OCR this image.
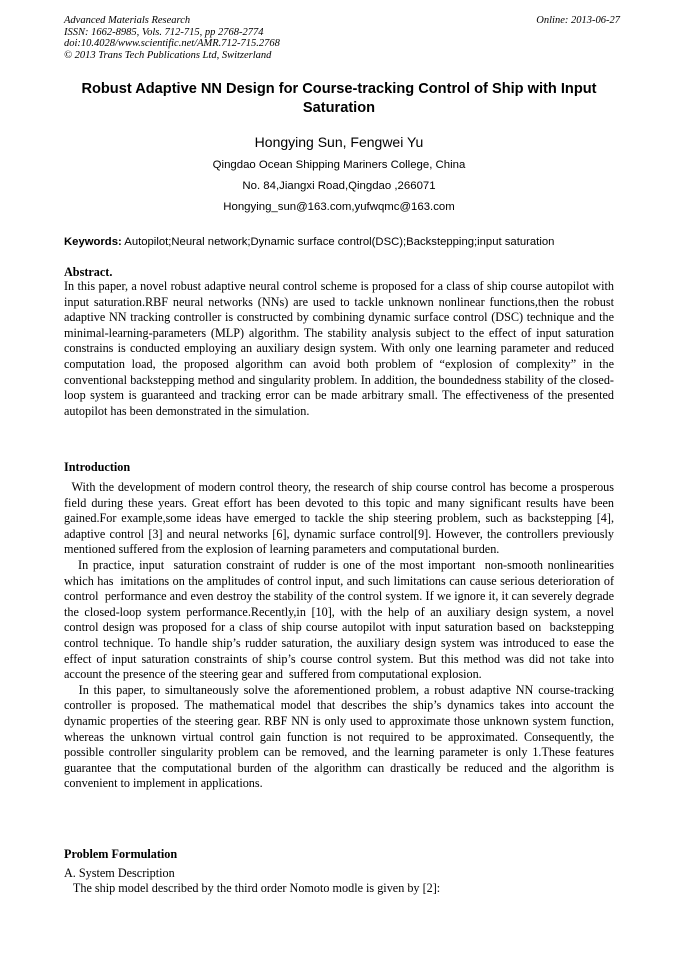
Advanced Materials Research
ISSN: 1662-8985, Vols. 712-715, pp 2768-2774
doi:10.4028/www.scientific.net/AMR.712-715.2768
© 2013 Trans Tech Publications Ltd, Switzerland
Online: 2013-06-27
Robust Adaptive NN Design for Course-tracking Control of Ship with Input Saturation
Hongying Sun, Fengwei Yu
Qingdao Ocean Shipping Mariners College, China
No. 84,Jiangxi Road,Qingdao ,266071
Hongying_sun@163.com,yufwqmc@163.com
Keywords: Autopilot;Neural network;Dynamic surface control(DSC);Backstepping;input saturation
Abstract.
In this paper, a novel robust adaptive neural control scheme is proposed for a class of ship course autopilot with input saturation.RBF neural networks (NNs) are used to tackle unknown nonlinear functions,then the robust adaptive NN tracking controller is constructed by combining dynamic surface control (DSC) technique and the minimal-learning-parameters (MLP) algorithm. The stability analysis subject to the effect of input saturation constrains is conducted employing an auxiliary design system. With only one learning parameter and reduced computation load, the proposed algorithm can avoid both problem of “explosion of complexity” in the conventional backstepping method and singularity problem. In addition, the boundedness stability of the closed-loop system is guaranteed and tracking error can be made arbitrary small. The effectiveness of the presented autopilot has been demonstrated in the simulation.
Introduction

With the development of modern control theory, the research of ship course control has become a prosperous field during these years. Great effort has been devoted to this topic and many significant results have been gained.For example,some ideas have emerged to tackle the ship steering problem, such as backstepping [4], adaptive control [3] and neural networks [6], dynamic surface control[9]. However, the controllers previously mentioned suffered from the explosion of learning parameters and computational burden.

In practice, input  saturation constraint of rudder is one of the most important  non-smooth nonlinearities which has  imitations on the amplitudes of control input, and such limitations can cause serious deterioration of control  performance and even destroy the stability of the control system. If we ignore it, it can severely degrade the closed-loop system performance.Recently,in [10], with the help of an auxiliary design system, a novel control design was proposed for a class of ship course autopilot with input saturation based on  backstepping control technique. To handle ship’s rudder saturation, the auxiliary design system was introduced to ease the effect of input saturation constraints of ship’s course control system. But this method was did not take into account the presence of the steering gear and  suffered from computational explosion.

In this paper, to simultaneously solve the aforementioned problem, a robust adaptive NN course-tracking controller is proposed. The mathematical model that describes the ship’s dynamics takes into account the dynamic properties of the steering gear. RBF NN is only used to approximate those unknown system function, whereas the unknown virtual control gain function is not required to be approximated. Consequently, the possible controller singularity problem can be removed, and the learning parameter is only 1.These features guarantee that the computational burden of the algorithm can drastically be reduced and the algorithm is convenient to implement in applications.

Problem Formulation
A. System Description
The ship model described by the third order Nomoto modle is given by [2]:
